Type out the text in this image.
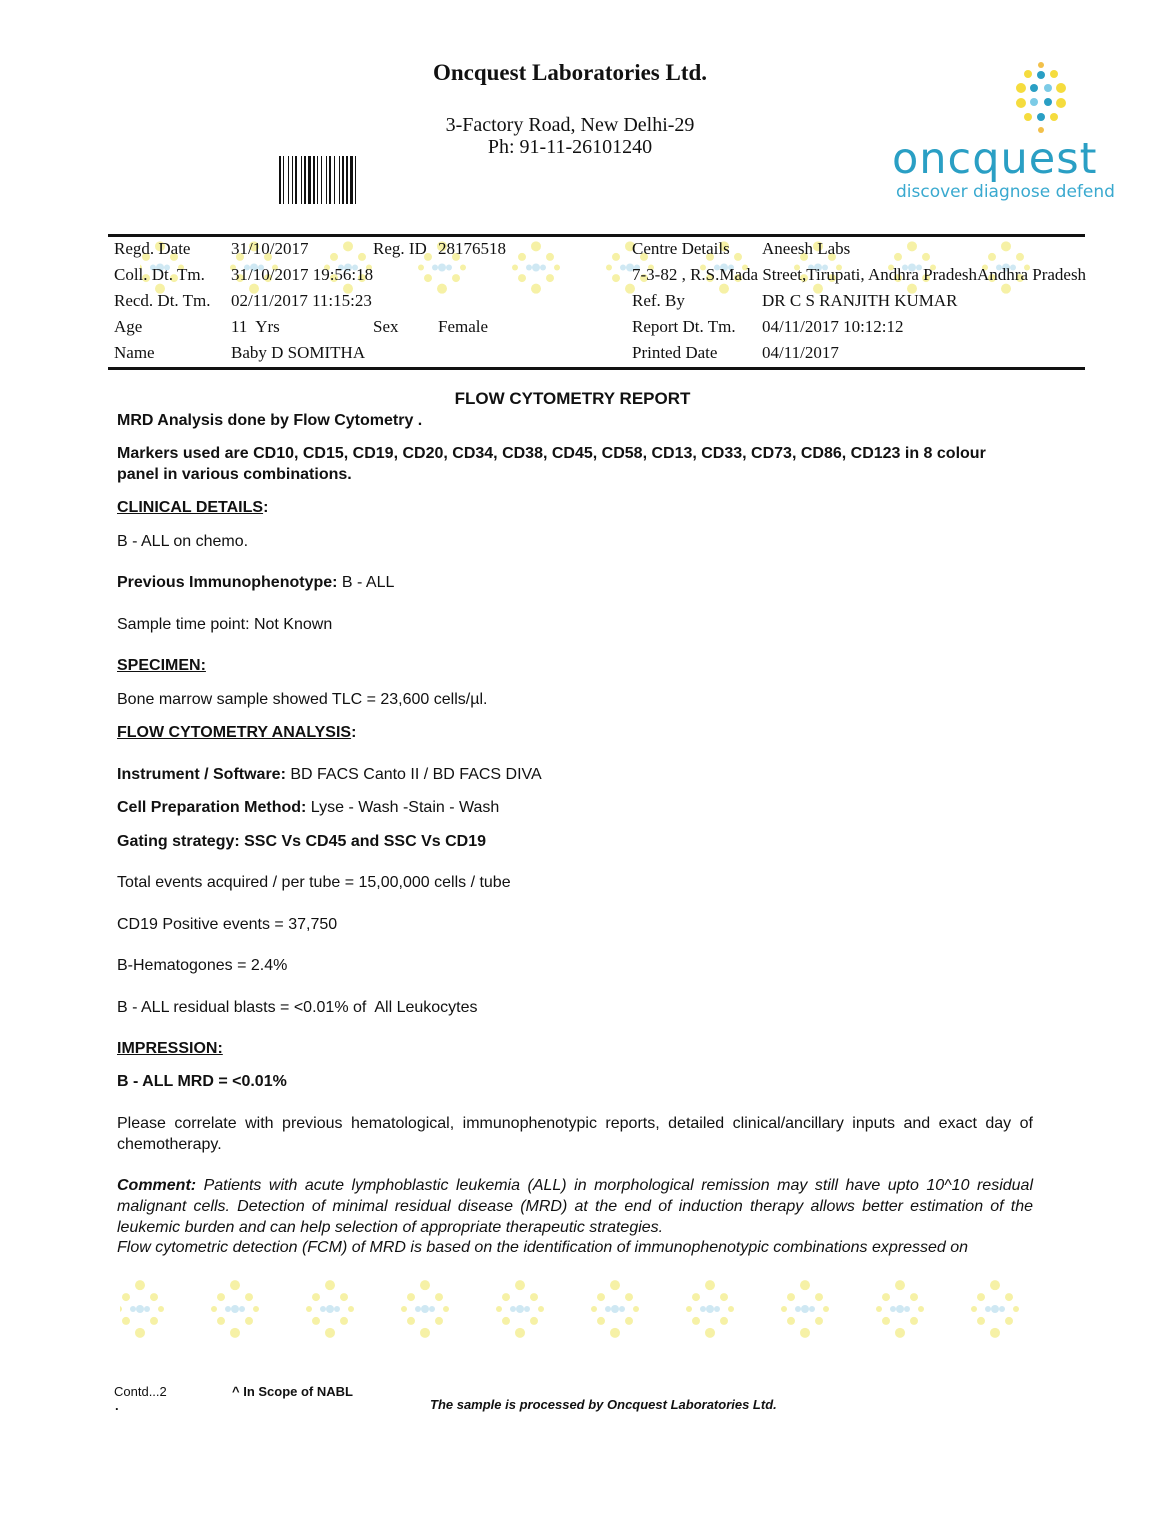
Oncquest Laboratories Ltd.
3-Factory Road, New Delhi-29
Ph: 91-11-26101240	oncquest
discover diagnose defend
Regd. Date 31/10/2017	Reg. ID 28176518	Centre Details Aneesh Labs
Coll. Dt. Tm. 31/10/2017 19:56:18	7-3-82 , R.S.Mada Street,Tirupati, Andhra PradeshAndhra Pradesh
Recd. Dt. Tm. 02/11/2017 11:15:23	Ref. By	DR C S RANJITH KUMAR
Age	11  Yrs	Sex Female	Report Dt. Tm. 04/11/2017 10:12:12
Name	Baby D SOMITHA	Printed Date	04/11/2017
FLOW CYTOMETRY REPORT
MRD Analysis done by Flow Cytometry .
Markers used are CD10, CD15, CD19, CD20, CD34, CD38, CD45, CD58, CD13, CD33, CD73, CD86, CD123 in 8 colour
panel in various combinations.
CLINICAL DETAILS:
B - ALL on chemo.
Previous Immunophenotype: B - ALL
Sample time point: Not Known
SPECIMEN:
Bone marrow sample showed TLC = 23,600 cells/µl.
FLOW CYTOMETRY ANALYSIS:
Instrument / Software: BD FACS Canto II / BD FACS DIVA
Cell Preparation Method: Lyse - Wash -Stain - Wash
Gating strategy: SSC Vs CD45 and SSC Vs CD19
Total events acquired / per tube = 15,00,000 cells / tube
CD19 Positive events = 37,750
B-Hematogones = 2.4%
B - ALL residual blasts = <0.01% of  All Leukocytes
IMPRESSION:
B - ALL MRD = <0.01%
Please correlate with previous hematological, immunophenotypic reports, detailed clinical/ancillary inputs and exact day of chemotherapy.
Comment: Patients with acute lymphoblastic leukemia (ALL) in morphological remission may still have upto 10^10 residual malignant cells. Detection of minimal residual disease (MRD) at the end of induction therapy allows better estimation of the leukemic burden and can help selection of appropriate therapeutic strategies.
Flow cytometric detection (FCM) of MRD is based on the identification of immunophenotypic combinations expressed on
Contd...2
.
^ In Scope of NABL
The sample is processed by Oncquest Laboratories Ltd.
